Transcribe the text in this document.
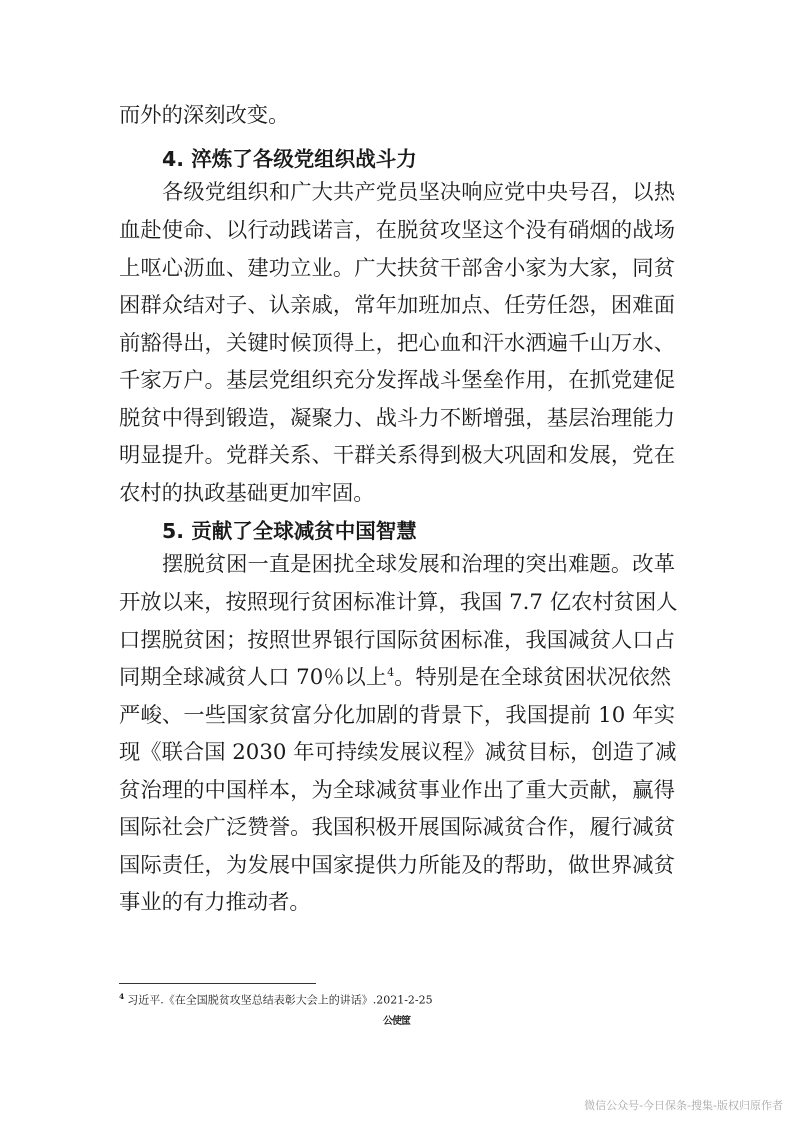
而外的深刻改变。
4. 淬炼了各级党组织战斗力
各级党组织和广大共产党员坚决响应党中央号召，以热
血赴使命、以行动践诺言，在脱贫攻坚这个没有硝烟的战场
上呕心沥血、建功立业。广大扶贫干部舍小家为大家，同贫
困群众结对子、认亲戚，常年加班加点、任劳任怨，困难面
前豁得出，关键时候顶得上，把心血和汗水洒遍千山万水、
千家万户。基层党组织充分发挥战斗堡垒作用，在抓党建促
脱贫中得到锻造，凝聚力、战斗力不断增强，基层治理能力
明显提升。党群关系、干群关系得到极大巩固和发展，党在
农村的执政基础更加牢固。
5. 贡献了全球减贫中国智慧
摆脱贫困一直是困扰全球发展和治理的突出难题。改革
开放以来，按照现行贫困标准计算，我国 7.7 亿农村贫困人
口摆脱贫困；按照世界银行国际贫困标准，我国减贫人口占
同期全球减贫人口 70％以上$^4$。特别是在全球贫困状况依然
严峻、一些国家贫富分化加剧的背景下，我国提前 10 年实
现《联合国 2030 年可持续发展议程》减贫目标，创造了减
贫治理的中国样本，为全球减贫事业作出了重大贡献，赢得
国际社会广泛赞誉。我国积极开展国际减贫合作，履行减贫
国际责任，为发展中国家提供力所能及的帮助，做世界减贫
事业的有力推动者。
$^4$ 习近平.《在全国脱贫攻坚总结表彰大会上的讲话》.2021-2-25
公使筐
微信公众号-今日保条-搜集-版权归原作者
